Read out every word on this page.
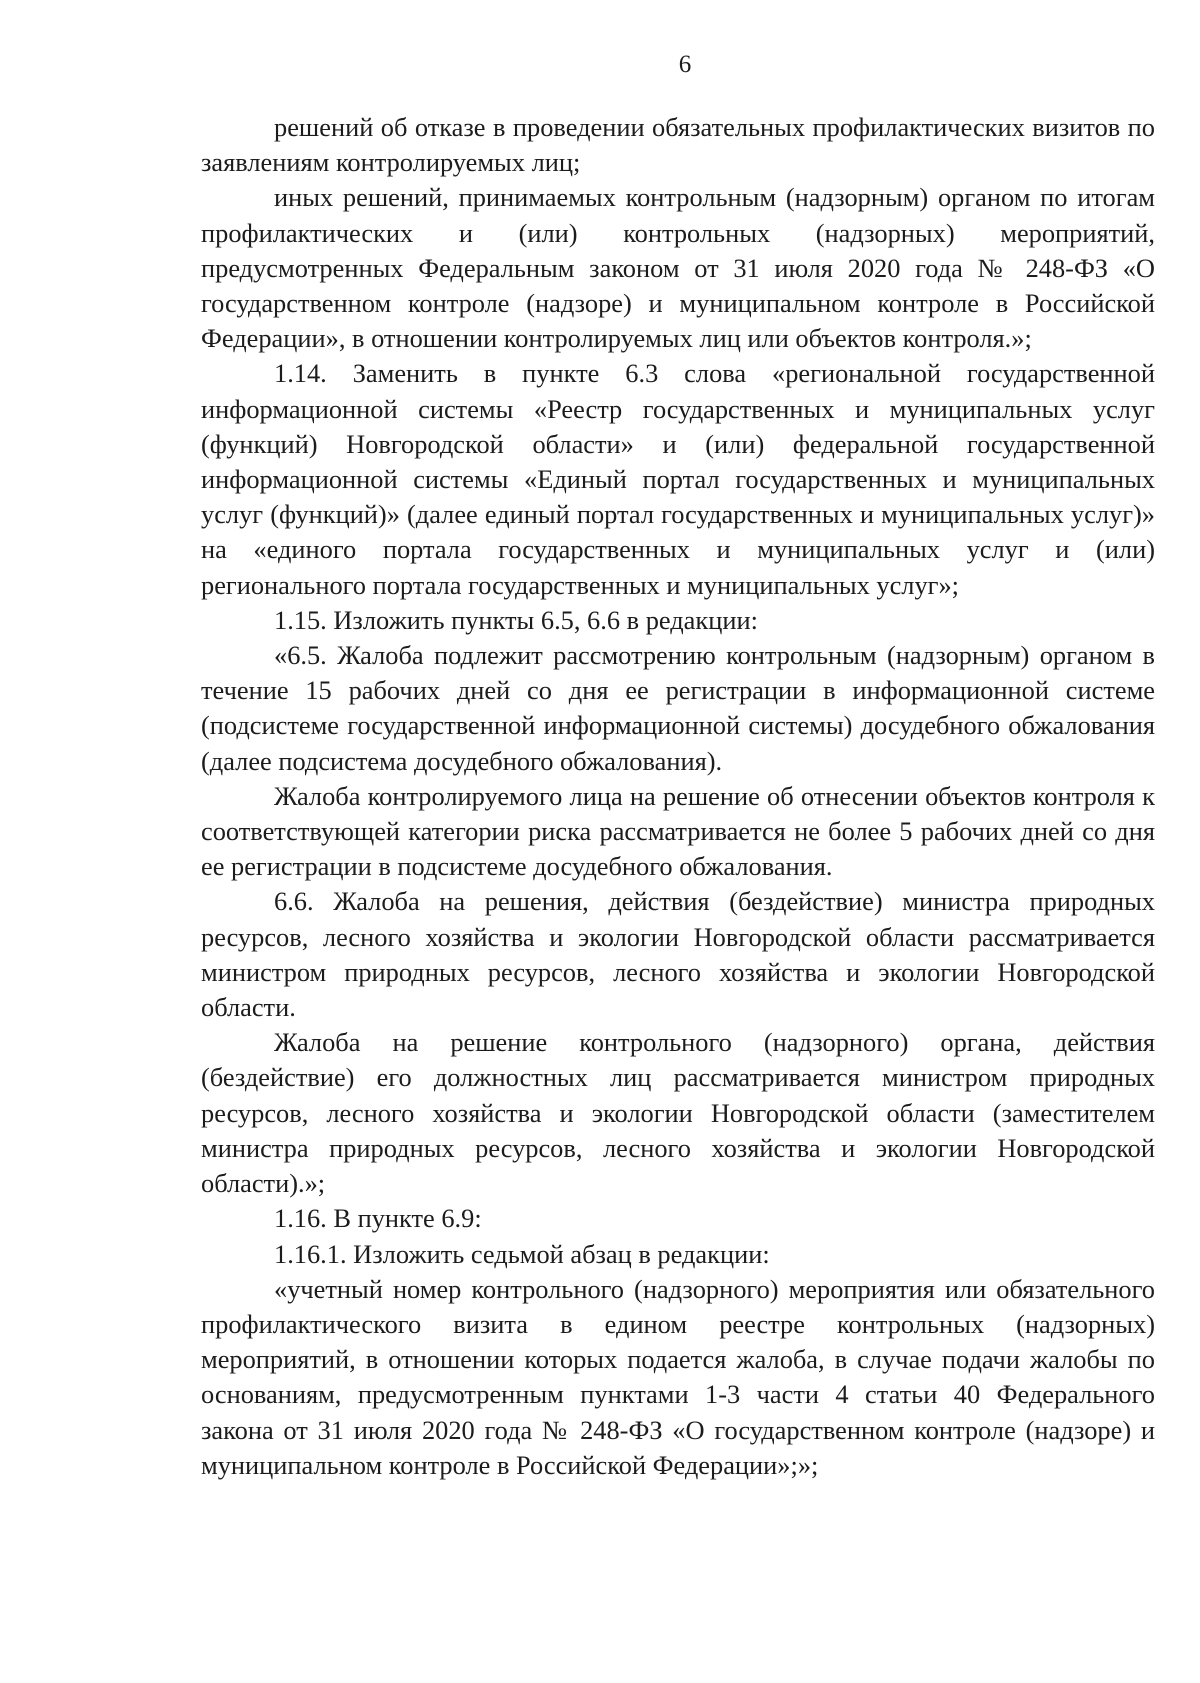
6

решений об отказе в проведении обязательных профилактических визитов по заявлениям контролируемых лиц;

иных решений, принимаемых контрольным (надзорным) органом по итогам профилактических и (или) контрольных (надзорных) мероприятий, предусмотренных Федеральным законом от 31 июля 2020 года № 248-ФЗ «О государственном контроле (надзоре) и муниципальном контроле в Российской Федерации», в отношении контролируемых лиц или объектов контроля.»;

1.14. Заменить в пункте 6.3 слова «региональной государственной информационной системы «Реестр государственных и муниципальных услуг (функций) Новгородской области» и (или) федеральной государственной информационной системы «Единый портал государственных и муниципальных услуг (функций)» (далее единый портал государственных и муниципальных услуг)» на «единого портала государственных и муниципальных услуг и (или) регионального портала государственных и муниципальных услуг»;

1.15. Изложить пункты 6.5, 6.6 в редакции:

«6.5. Жалоба подлежит рассмотрению контрольным (надзорным) органом в течение 15 рабочих дней со дня ее регистрации в информационной системе (подсистеме государственной информационной системы) досудебного обжалования (далее подсистема досудебного обжалования).

Жалоба контролируемого лица на решение об отнесении объектов контроля к соответствующей категории риска рассматривается не более 5 рабочих дней со дня ее регистрации в подсистеме досудебного обжалования.

6.6. Жалоба на решения, действия (бездействие) министра природных ресурсов, лесного хозяйства и экологии Новгородской области рассматривается министром природных ресурсов, лесного хозяйства и экологии Новгородской области.

Жалоба на решение контрольного (надзорного) органа, действия (бездействие) его должностных лиц рассматривается министром природных ресурсов, лесного хозяйства и экологии Новгородской области (заместителем министра природных ресурсов, лесного хозяйства и экологии Новгородской области).»;

1.16. В пункте 6.9:

1.16.1. Изложить седьмой абзац в редакции:

«учетный номер контрольного (надзорного) мероприятия или обязательного профилактического визита в едином реестре контрольных (надзорных) мероприятий, в отношении которых подается жалоба, в случае подачи жалобы по основаниям, предусмотренным пунктами 1-3 части 4 статьи 40 Федерального закона от 31 июля 2020 года № 248-ФЗ «О государственном контроле (надзоре) и муниципальном контроле в Российской Федерации»;»;
